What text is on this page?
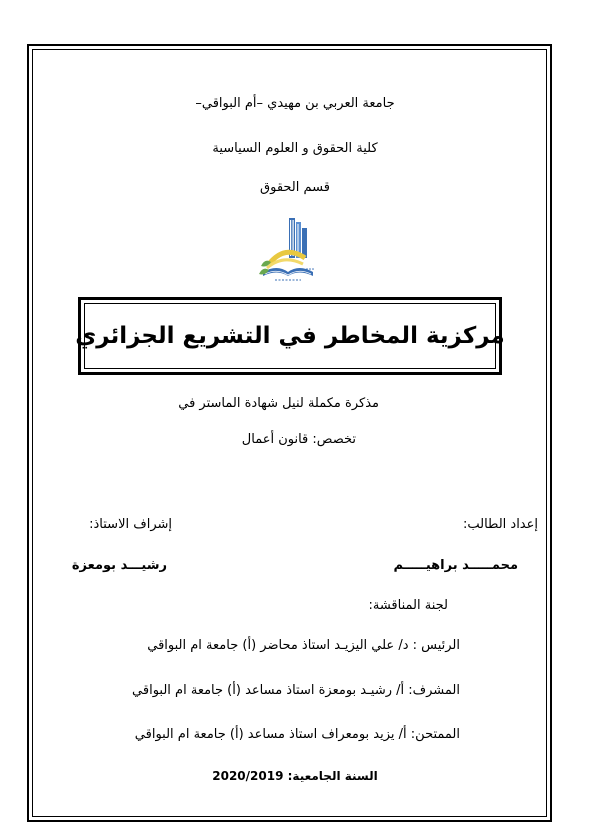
جامعة العربي بن مهيدي –أم البواقي–
كلية الحقوق و العلوم السياسية
قسم الحقوق
مركزية المخاطر في التشريع الجزائري
مذكرة مكملة لنيل شهادة الماستر في
تخصص: قانون أعمال
إعداد الطالب:
إشراف الاستاذ:
محمـــــد براهيـــــم
رشيـــد بومعزة
لجنة المناقشة:
الرئيس : د/ علي اليزيـد استاذ محاضر (أ) جامعة ام البواقي
المشرف: أ/ رشيـد بومعزة استاذ مساعد (أ) جامعة ام البواقي
الممتحن: أ/ يزيد بومعراف استاذ مساعد (أ) جامعة ام البواقي
السنة الجامعية: 2020/2019
